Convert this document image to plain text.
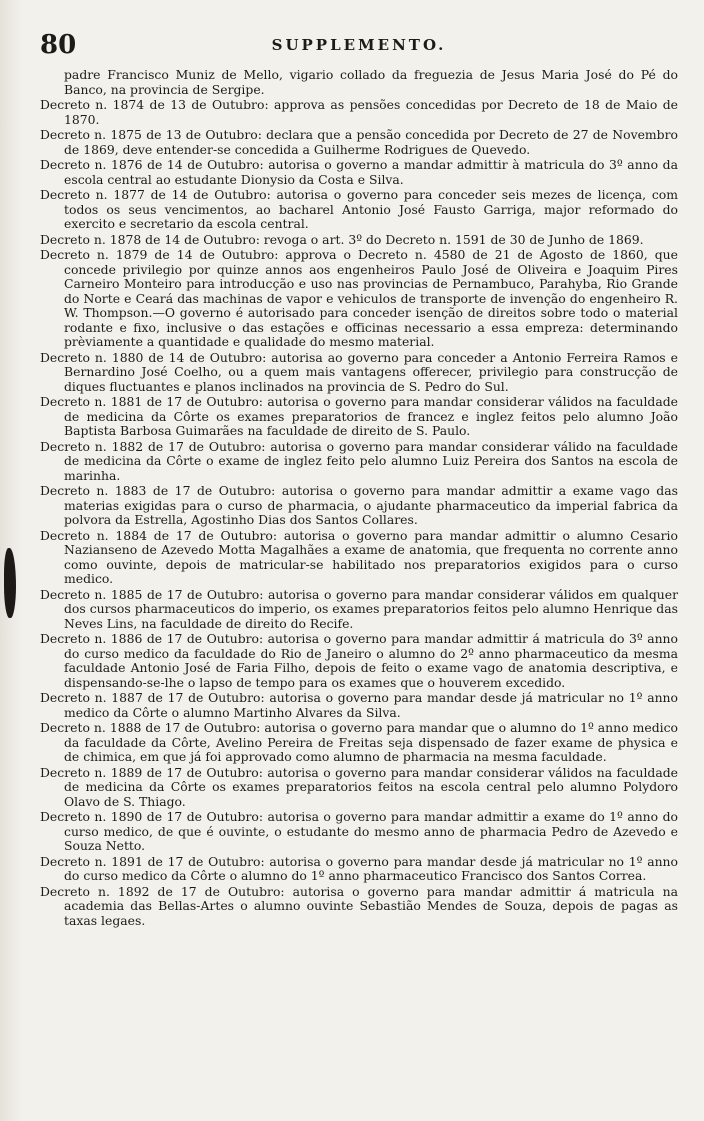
80	SUPPLEMENTO.

padre Francisco Muniz de Mello, vigario collado da freguezia de Jesus Maria José do Pé do Banco, na provincia de Sergipe.

Decreto n. 1874 de 13 de Outubro: approva as pensões concedidas por Decreto de 18 de Maio de 1870.

Decreto n. 1875 de 13 de Outubro: declara que a pensão concedida por Decreto de 27 de Novembro de 1869, deve entender-se concedida a Guilherme Rodrigues de Quevedo.

Decreto n. 1876 de 14 de Outubro: autorisa o governo a mandar admittir à matricula do 3º anno da escola central ao estudante Dionysio da Costa e Silva.

Decreto n. 1877 de 14 de Outubro: autorisa o governo para conceder seis mezes de licença, com todos os seus vencimentos, ao bacharel Antonio José Fausto Garriga, major reformado do exercito e secretario da escola central.

Decreto n. 1878 de 14 de Outubro: revoga o art. 3º do Decreto n. 1591 de 30 de Junho de 1869.

Decreto n. 1879 de 14 de Outubro: approva o Decreto n. 4580 de 21 de Agosto de 1860, que concede privilegio por quinze annos aos engenheiros Paulo José de Oliveira e Joaquim Pires Carneiro Monteiro para introducção e uso nas provincias de Pernambuco, Parahyba, Rio Grande do Norte e Ceará das machinas de vapor e vehiculos de transporte de invenção do engenheiro R. W. Thompson.—O governo é autorisado para conceder isenção de direitos sobre todo o material rodante e fixo, inclusive o das estações e officinas necessario a essa empreza: determinando prèviamente a quantidade e qualidade do mesmo material.

Decreto n. 1880 de 14 de Outubro: autorisa ao governo para conceder a Antonio Ferreira Ramos e Bernardino José Coelho, ou a quem mais vantagens offerecer, privilegio para construcção de diques fluctuantes e planos inclinados na provincia de S. Pedro do Sul.

Decreto n. 1881 de 17 de Outubro: autorisa o governo para mandar considerar válidos na faculdade de medicina da Côrte os exames preparatorios de francez e inglez feitos pelo alumno João Baptista Barbosa Guimarães na faculdade de direito de S. Paulo.

Decreto n. 1882 de 17 de Outubro: autorisa o governo para mandar considerar válido na faculdade de medicina da Côrte o exame de inglez feito pelo alumno Luiz Pereira dos Santos na escola de marinha.

Decreto n. 1883 de 17 de Outubro: autorisa o governo para mandar admittir a exame vago das materias exigidas para o curso de pharmacia, o ajudante pharmaceutico da imperial fabrica da polvora da Estrella, Agostinho Dias dos Santos Collares.

Decreto n. 1884 de 17 de Outubro: autorisa o governo para mandar admittir o alumno Cesario Nazianseno de Azevedo Motta Magalhães a exame de anatomia, que frequenta no corrente anno como ouvinte, depois de matricular-se habilitado nos preparatorios exigidos para o curso medico.

Decreto n. 1885 de 17 de Outubro: autorisa o governo para mandar considerar válidos em qualquer dos cursos pharmaceuticos do imperio, os exames preparatorios feitos pelo alumno Henrique das Neves Lins, na faculdade de direito do Recife.

Decreto n. 1886 de 17 de Outubro: autorisa o governo para mandar admittir á matricula do 3º anno do curso medico da faculdade do Rio de Janeiro o alumno do 2º anno pharmaceutico da mesma faculdade Antonio José de Faria Filho, depois de feito o exame vago de anatomia descriptiva, e dispensando-se-lhe o lapso de tempo para os exames que o houverem excedido.

Decreto n. 1887 de 17 de Outubro: autorisa o governo para mandar desde já matricular no 1º anno medico da Côrte o alumno Martinho Alvares da Silva.

Decreto n. 1888 de 17 de Outubro: autorisa o governo para mandar que o alumno do 1º anno medico da faculdade da Côrte, Avelino Pereira de Freitas seja dispensado de fazer exame de physica e de chimica, em que já foi approvado como alumno de pharmacia na mesma faculdade.

Decreto n. 1889 de 17 de Outubro: autorisa o governo para mandar considerar válidos na faculdade de medicina da Côrte os exames preparatorios feitos na escola central pelo alumno Polydoro Olavo de S. Thiago.

Decreto n. 1890 de 17 de Outubro: autorisa o governo para mandar admittir a exame do 1º anno do curso medico, de que é ouvinte, o estudante do mesmo anno de pharmacia Pedro de Azevedo e Souza Netto.

Decreto n. 1891 de 17 de Outubro: autorisa o governo para mandar desde já matricular no 1º anno do curso medico da Côrte o alumno do 1º anno pharmaceutico Francisco dos Santos Correa.

Decreto n. 1892 de 17 de Outubro: autorisa o governo para mandar admittir á matricula na academia das Bellas-Artes o alumno ouvinte Sebastião Mendes de Souza, depois de pagas as taxas legaes.
